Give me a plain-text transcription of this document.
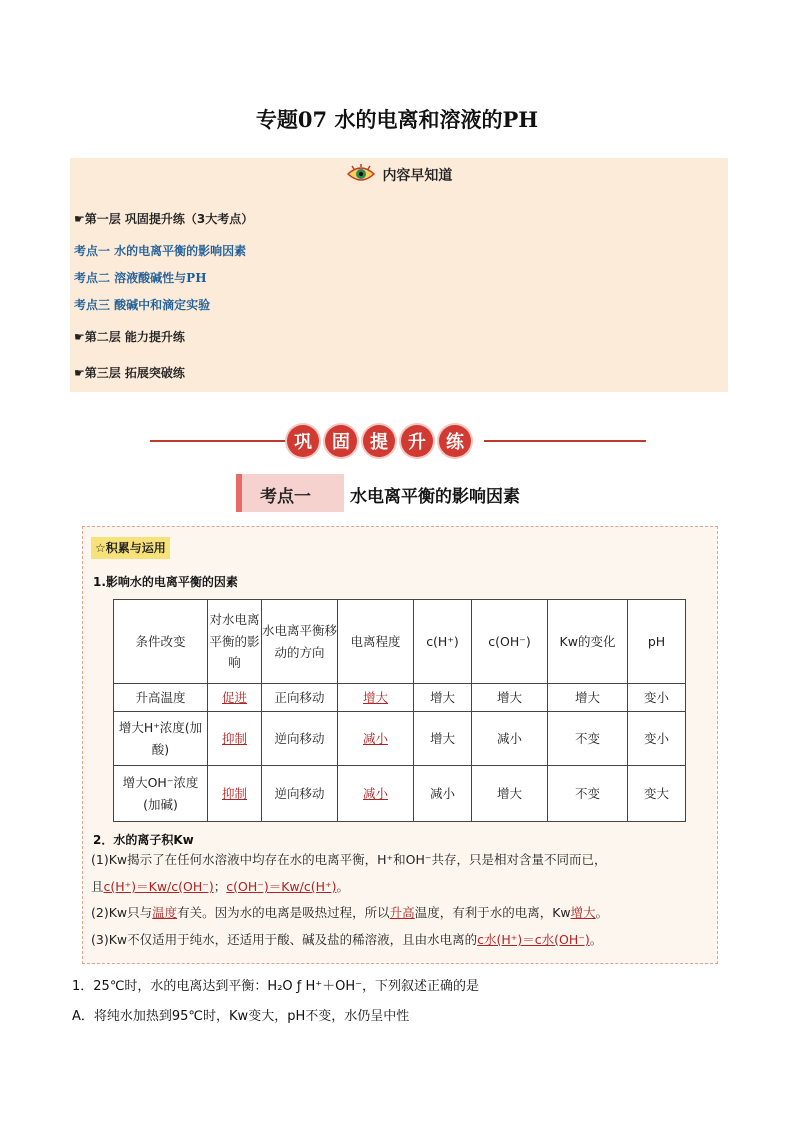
专题07 水的电离和溶液的PH
内容早知道
☛第一层 巩固提升练（3大考点）
考点一 水的电离平衡的影响因素
考点二 溶液酸碱性与PH
考点三 酸碱中和滴定实验
☛第二层 能力提升练
☛第三层 拓展突破练
巩	固	提	升	练
考点一 水电离平衡的影响因素
☆积累与运用
1.影响水的电离平衡的因素
条件改变	对水电离平衡的影响	水电离平衡移动的方向	电离程度	c(H⁺)	c(OH⁻)	Kw的变化	pH
升高温度	促进	正向移动	增大	增大	增大	增大	变小
增大H⁺浓度(加酸)	抑制	逆向移动	减小	增大	减小	不变	变小
增大OH⁻浓度(加碱)	抑制	逆向移动	减小	减小	增大	不变	变大
2．水的离子积Kw
(1)Kw揭示了在任何水溶液中均存在水的电离平衡，H⁺和OH⁻共存，只是相对含量不同而已，
且c(H⁺)＝Kw/c(OH⁻)；c(OH⁻)＝Kw/c(H⁺)。
(2)Kw只与温度有关。因为水的电离是吸热过程，所以升高温度，有利于水的电离，Kw增大。
(3)Kw不仅适用于纯水，还适用于酸、碱及盐的稀溶液，且由水电离的c水(H⁺)＝c水(OH⁻)。
1．25℃时，水的电离达到平衡：H₂O ƒ H⁺＋OH⁻，下列叙述正确的是
A．将纯水加热到95℃时，Kw变大，pH不变，水仍呈中性
